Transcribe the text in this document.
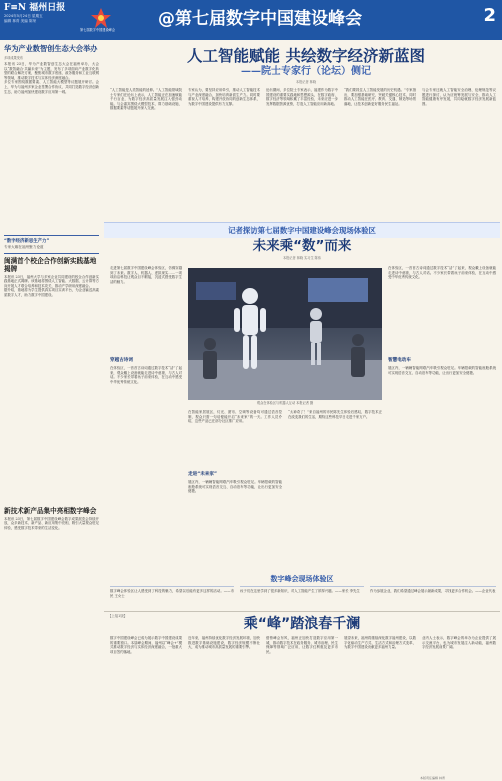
F≡N 福州日报
2024年5月24日 星期五
编辑 林青 美编 陈荣
第七届数字中国建设峰会
@第七届数字中国建设峰会	2
华为产业数智创生态大会举办
多项成果发布

本报讯 23日，华为产业数智创生态大会在福州举办，大会以“数智融合·共赢未来”为主题，发布了多项面向产业数字化转型的联合解决方案，聚焦城市数字底座、政务服务和工业互联网等领域，推动数字技术与实体经济深度融合。

多位专家围绕数据要素、人工智能大模型等议题展开研讨。会上，华为与福州多家企业签署合作协议，共同打造数字经济创新生态，助力福州加快建设数字应用第一城。

“数字经济新思生产力”
专家大咖在福州聚力论道
闽满首个校企合作创新实践基地揭牌

本报讯 23日，福州大学与多家企业共同建设的校企合作创新实践基地正式揭牌。该基地将围绕人工智能、大数据、云计算等方向开展人才联合培养和技术攻关，推动产学研用深度融合。

据介绍，基地将为学生提供真实项目实训平台，为企业输送高素质数字人才，助力数字中国建设。

新技术新产品集中亮相数字峰会

本报讯 23日，第七届数字中国建设峰会数字成果展览会持续开放，众多新技术、新产品、新应用集中亮相，吸引大量观众驻足体验，感受数字技术带来的生活变化。

人工智能赋能 共绘数字经济新蓝图
——院士专家行（论坛）侧记
本报记者 林晓
“人工智能是人类智能的延伸。”人工智能领域院士专家们在论坛上表示，人工智能正在加速赋能千行百业，为数字经济高质量发展注入强劲动能。与会嘉宾围绕大模型技术、算力基础设施、数据要素等话题展开深入交流。
专家认为，要坚持应用牵引，推动人工智能技术与产业深度融合，加快培育新质生产力。同时要重视人才培养，构建开放协同的创新生态体系，为数字中国建设提供有力支撑。
论坛期间，多位院士专家表示，福建作为数字中国建设的重要实践地和思想源头，在数字政府、数字经济等领域积累了丰富经验，未来应进一步发挥数据资源优势，打造人工智能应用新高地。
“我们要抓住人工智能发展的历史机遇。”专家指出，要加强基础研究，突破关键核心技术，同时推动人工智能在医疗、教育、交通、制造等场景落地，让技术创新更好服务民生福祉。
与会专家还就人工智能安全治理、伦理规范等议题进行探讨，认为应统筹发展与安全，推动人工智能健康有序发展，共同绘就数字经济发展新蓝图。
记者探访第七届数字中国建设峰会现场体验区
未来乘“数”而来
本报记者 林晓 实习生 陈伟
走进第七届数字中国建设峰会体验区，仿佛穿越到了未来。数字人、机器人、虚拟现实……一项项前沿科技让观众目不暇接，沉浸式感受数字生活的魅力。
穿越古诗词
在体验区，一首首古诗词通过数字技术“活”了起来，观众戴上设备就能走进诗中意境，与古人对话。不少家长带着孩子前来体验，在互动中感受中华优秀传统文化。
观众在体验区与机器人互动 本报记者 摄
在智能家居展区，灯光、窗帘、空调等设备均可通过语音控制，观众只需一句话便能开启“未来家”的一天。工作人员介绍，这些产品已在部分社区推广应用。
走进“未来家”
展区内，一辆辆智能网联汽车吸引观众驻足。车辆搭载的智能座舱系统可实现语音交互、自动泊车等功能，让出行更加安全便捷。
“太神奇了！”来自福州的市民陈先生体验后感叹，数字技术正在改变我们的生活，期待这些科技早日走进千家万户。
在体验区，一首首古诗词通过数字技术“活”了起来，观众戴上设备就能走进诗中意境，与古人对话。不少家长带着孩子前来体验，在互动中感受中华优秀传统文化。
智慧电动车
展区内，一辆辆智能网联汽车吸引观众驻足。车辆搭载的智能座舱系统可实现语音交互、自动泊车等功能，让出行更加安全便捷。
数字峰会现场体验区
数字峰会体验区让人感受到了科技的魅力，希望以后能有更多这样的活动。——市民 王女士
孩子们在这里学到了很多新知识，对人工智能产生了浓厚兴趣。——家长 李先生	作为参展企业，我们希望通过峰会展示最新成果，寻找更多合作机会。——企业代表
【上接1版】	乘“峰”踏浪春千澜
数字中国建设峰会已成为展示数字中国建设成果的重要窗口。本届峰会期间，福州以“峰会+”模式推动数字经济与实体经济深度融合，一批重大项目签约落地。
近年来，福州持续优化数字经济发展环境，加快推进数字基础设施建设，数字经济规模不断壮大，成为推动城市高质量发展的重要引擎。
借势峰会东风，福州正加快打造数字应用第一城，推动数字技术在政务服务、城市治理、民生保障等领域广泛应用，让数字红利惠及更多市民。
展望未来，福州将继续深化数字福州建设，以数字化驱动生产方式、生活方式和治理方式变革，为数字中国建设贡献更多福州力量。
业内人士表示，数字峰会的举办为企业提供了展示交流平台，也为城市发展注入新动能，福州数字经济发展前景广阔。
本版责任编辑 林青
